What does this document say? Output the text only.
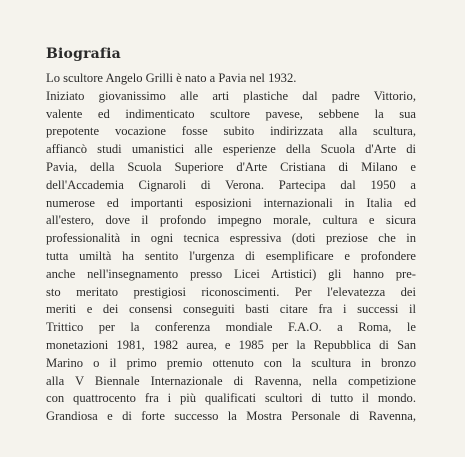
Biografia
Lo scultore Angelo Grilli è nato a Pavia nel 1932.
Iniziato giovanissimo alle arti plastiche dal padre Vittorio,
valente ed indimenticato scultore pavese, sebbene la sua
prepotente vocazione fosse subito indirizzata alla scultura,
affiancò studi umanistici alle esperienze della Scuola d'Arte di
Pavia, della Scuola Superiore d'Arte Cristiana di Milano e
dell'Accademia Cignaroli di Verona. Partecipa dal 1950 a
numerose ed importanti esposizioni internazionali in Italia ed
all'estero, dove il profondo impegno morale, cultura e sicura
professionalità in ogni tecnica espressiva (doti preziose che in
tutta umiltà ha sentito l'urgenza di esemplificare e profondere
anche nell'insegnamento presso Licei Artistici) gli hanno pre-
sto meritato prestigiosi riconoscimenti. Per l'elevatezza dei
meriti e dei consensi conseguiti basti citare fra i successi il
Trittico per la conferenza mondiale F.A.O. a Roma, le
monetazioni 1981, 1982 aurea, e 1985 per la Repubblica di San
Marino o il primo premio ottenuto con la scultura in bronzo
alla V Biennale Internazionale di Ravenna, nella competizione
con quattrocento fra i più qualificati scultori di tutto il mondo.
Grandiosa e di forte successo la Mostra Personale di Ravenna,
